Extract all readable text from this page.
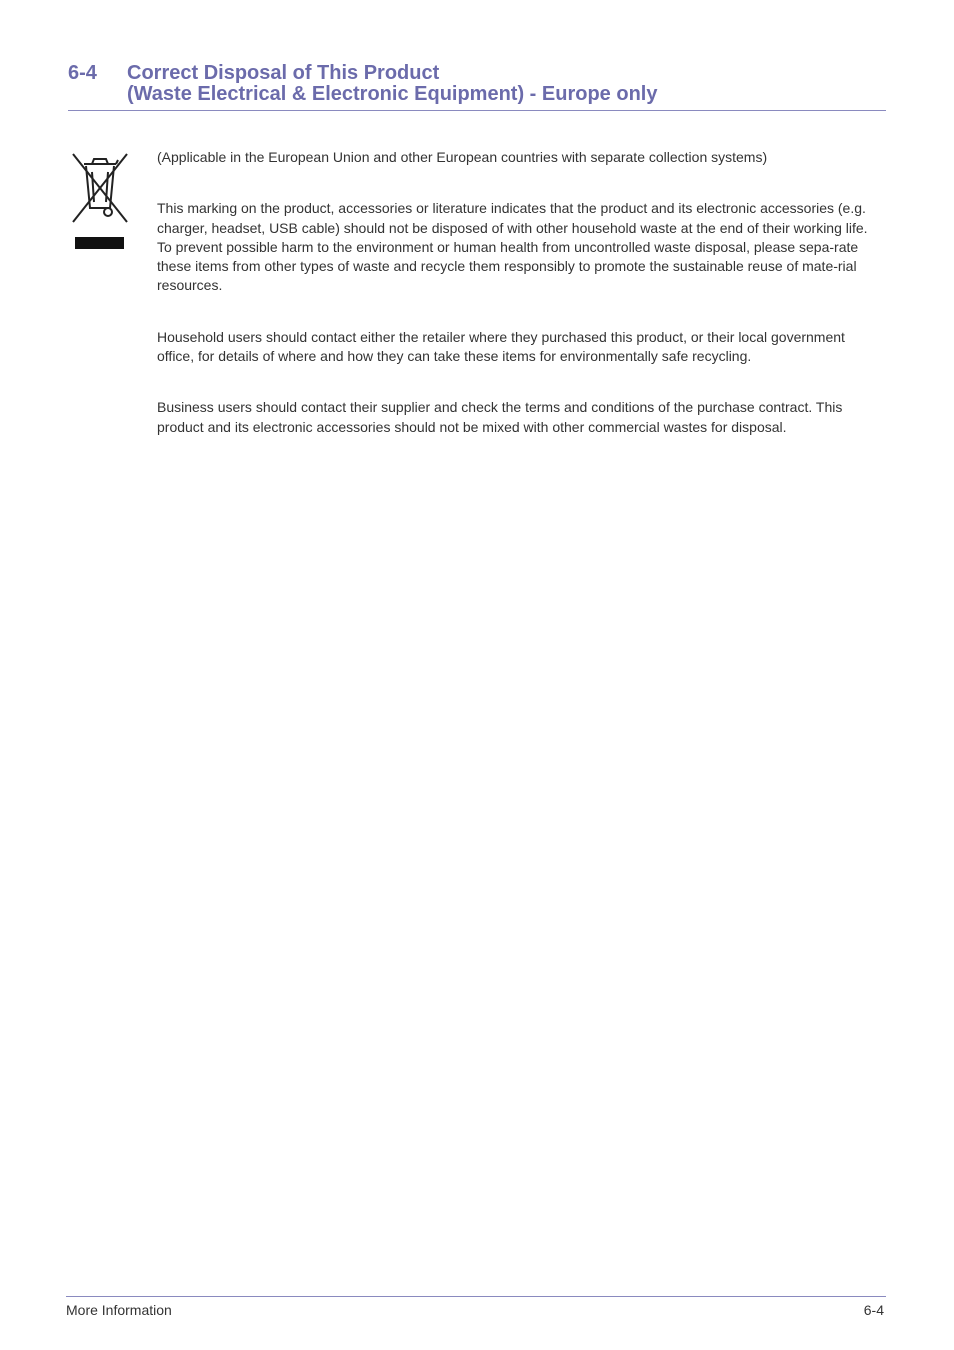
6-4 Correct Disposal of This Product
(Waste Electrical & Electronic Equipment) - Europe only

(Applicable in the European Union and other European countries with separate collection systems)

This marking on the product, accessories or literature indicates that the product and its electronic accessories (e.g. charger, headset, USB cable) should not be disposed of with other household waste at the end of their working life. To prevent possible harm to the environment or human health from uncontrolled waste disposal, please sepa-rate these items from other types of waste and recycle them responsibly to promote the sustainable reuse of mate-rial resources.

Household users should contact either the retailer where they purchased this product, or their local government office, for details of where and how they can take these items for environmentally safe recycling.

Business users should contact their supplier and check the terms and conditions of the purchase contract. This product and its electronic accessories should not be mixed with other commercial wastes for disposal.

More Information	6-4
